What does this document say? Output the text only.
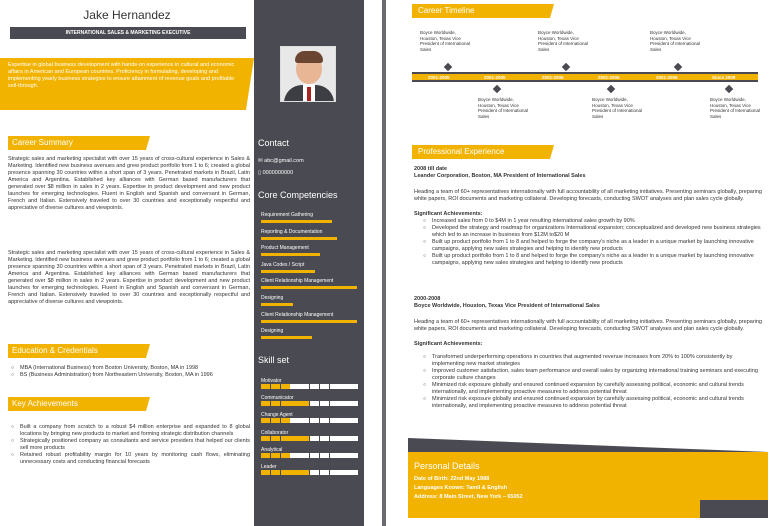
Jake Hernandez
INTERNATIONAL SALES & MARKETING EXECUTIVE
Expertise in global business development with hands-on experience in cultural and economic affairs in American and European countries. Proficiency in formulating, developing and implementing yearly business strategies to ensure attainment of revenue goals and profitable sell-through.
Career Summary
Strategic sales and marketing specialist with over 15 years of cross-cultural experience in Sales & Marketing. Identified new business avenues and grew product portfolio from 1 to 6; created a global presence spanning 30 countries within a short span of 3 years. Penetrated markets in Brazil, Latin America and Argentina. Established key alliances with German based manufacturers that generated over $8 million in sales in 2 years. Expertise in product development and new product launches for emerging technologies. Fluent in English and Spanish and conversant in German, French and Italian. Extensively traveled to over 30 countries and exceptionally respectful and appreciative of diverse cultures and viewpoints.
Strategic sales and marketing specialist with over 15 years of cross-cultural experience in Sales & Marketing. Identified new business avenues and grew product portfolio from 1 to 6; created a global presence spanning 30 countries within a short span of 3 years. Penetrated markets in Brazil, Latin America and Argentina. Established key alliances with German based manufacturers that generated over $8 million in sales in 2 years. Expertise in product development and new product launches for emerging technologies. Fluent in English and Spanish and conversant in German, French and Italian. Extensively traveled to over 30 countries and exceptionally respectful and appreciative of diverse cultures and viewpoints.
Education & Credentials
○ MBA (International Business) from Boston University, Boston, MA in 1998
○ BS (Business Administration) from Northeastern University, Boston, MA in 1996
Key Achievements
○ Built a company from scratch to a robust $4 million enterprise and expanded to 8 global locations by bringing new products to market and forming strategic distribution channels
○ Strategically positioned company as consultants and service providers that helped our clients sell more products
○ Retained robust profitability margin for 10 years by monitoring cash flows, eliminating unnecessary costs and conducting financial forecasts
Contact
✉ abc@gmail.com
▯ 0000000000
Core Competencies
Requirement Gathering
Reporting & Documentation
Product Management
Java Codes / Script
Client Relationship Management
Designing
Client Relationship Management
Designing
Skill set
Motivator
Communicator
Change Agent
Collaborator
Analytical
Leader
Career Timeline
2001-2005	2001-2005	2001-2005	2001-2005	2001-2005	Since 2009
Boyce Worldwide, Houston, Texas Vice President of International Sales
Boyce Worldwide, Houston, Texas Vice President of International Sales
Boyce Worldwide, Houston, Texas Vice President of International Sales
Boyce Worldwide, Houston, Texas Vice President of International Sales
Boyce Worldwide, Houston, Texas Vice President of International Sales
Boyce Worldwide, Houston, Texas Vice President of International Sales
Professional Experience
2008 till date
Leander Corporation, Boston, MA President of International Sales
Heading a team of 60+ representatives internationally with full accountability of all marketing initiatives. Presenting seminars globally, preparing white papers, ROI documents and marketing collateral. Developing forecasts, conducting SWOT analyses and plan sales cycle globally.
Significant Achievements:
○ Increased sales from 0 to $4M in 1 year resulting international sales growth by 90%
○ Developed the strategy and roadmap for organizations International expansion; conceptualized and developed new business strategies which led to an increase in business from $12M to$20 M
○ Built up product portfolio from 1 to 8 and helped to forge the company's niche as a leader in a unique market by launching innovative campaigns, applying new sales strategies and helping to identify new products
○ Built up product portfolio from 1 to 8 and helped to forge the company's niche as a leader in a unique market by launching innovative campaigns, applying new sales strategies and helping to identify new products
2000-2008
Boyce Worldwide, Houston, Texas Vice President of International Sales
Heading a team of 60+ representatives internationally with full accountability of all marketing initiatives. Presenting seminars globally, preparing white papers, ROI documents and marketing collateral. Developing forecasts, conducting SWOT analyses and plan sales cycle globally.
Significant Achievements:
○ Transformed underperforming operations in countries that augmented revenue increases from 20% to 100% consistently by implementing new market strategies
○ Improved customer satisfaction, sales team performance and overall sales by organizing international training seminars and executing corporate culture changes
○ Minimized risk exposure globally and ensured continued expansion by carefully assessing political, economic and cultural trends internationally, and implementing proactive measures to address potential threat
○ Minimized risk exposure globally and ensured continued expansion by carefully assessing political, economic and cultural trends internationally, and implementing proactive measures to address potential threat
Personal Details
Date of Birth: 22nd May 1988
Languages Known: Tamil & English
Address: 8 Main Street, New York – 65052
